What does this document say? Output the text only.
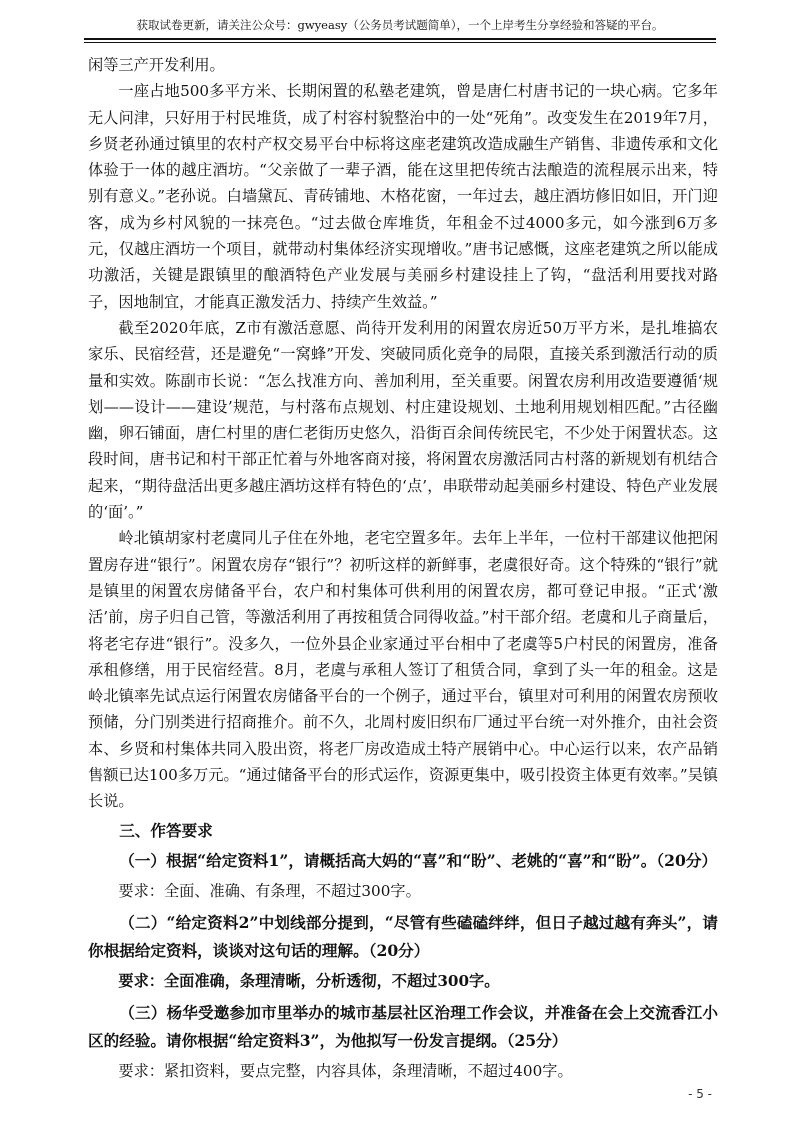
获取试卷更新，请关注公众号：gwyeasy（公务员考试题简单），一个上岸考生分享经验和答疑的平台。

闲等三产开发利用。

一座占地500多平方米、长期闲置的私塾老建筑，曾是唐仁村唐书记的一块心病。它多年无人问津，只好用于村民堆货，成了村容村貌整治中的一处“死角”。改变发生在2019年7月，乡贤老孙通过镇里的农村产权交易平台中标将这座老建筑改造成融生产销售、非遗传承和文化体验于一体的越庄酒坊。“父亲做了一辈子酒，能在这里把传统古法酿造的流程展示出来，特别有意义。”老孙说。白墙黛瓦、青砖铺地、木格花窗，一年过去，越庄酒坊修旧如旧，开门迎客，成为乡村风貌的一抹亮色。“过去做仓库堆货，年租金不过4000多元，如今涨到6万多元，仅越庄酒坊一个项目，就带动村集体经济实现增收。”唐书记感慨，这座老建筑之所以能成功激活，关键是跟镇里的酿酒特色产业发展与美丽乡村建设挂上了钩，“盘活利用要找对路子，因地制宜，才能真正激发活力、持续产生效益。”

截至2020年底，Z市有激活意愿、尚待开发利用的闲置农房近50万平方米，是扎堆搞农家乐、民宿经营，还是避免“一窝蜂”开发、突破同质化竞争的局限，直接关系到激活行动的质量和实效。陈副市长说：“怎么找准方向、善加利用，至关重要。闲置农房利用改造要遵循‘规划——设计——建设’规范，与村落布点规划、村庄建设规划、土地利用规划相匹配。”古径幽幽，卵石铺面，唐仁村里的唐仁老街历史悠久，沿街百余间传统民宅，不少处于闲置状态。这段时间，唐书记和村干部正忙着与外地客商对接，将闲置农房激活同古村落的新规划有机结合起来，“期待盘活出更多越庄酒坊这样有特色的‘点’，串联带动起美丽乡村建设、特色产业发展的‘面’。”

岭北镇胡家村老虞同儿子住在外地，老宅空置多年。去年上半年，一位村干部建议他把闲置房存进“银行”。闲置农房存“银行”？初听这样的新鲜事，老虞很好奇。这个特殊的“银行”就是镇里的闲置农房储备平台，农户和村集体可供利用的闲置农房，都可登记申报。“正式‘激活’前，房子归自己管，等激活利用了再按租赁合同得收益。”村干部介绍。老虞和儿子商量后，将老宅存进“银行”。没多久，一位外县企业家通过平台相中了老虞等5户村民的闲置房，准备承租修缮，用于民宿经营。8月，老虞与承租人签订了租赁合同，拿到了头一年的租金。这是岭北镇率先试点运行闲置农房储备平台的一个例子，通过平台，镇里对可利用的闲置农房预收预储，分门别类进行招商推介。前不久，北周村废旧织布厂通过平台统一对外推介，由社会资本、乡贤和村集体共同入股出资，将老厂房改造成土特产展销中心。中心运行以来，农产品销售额已达100多万元。“通过储备平台的形式运作，资源更集中，吸引投资主体更有效率。”吴镇长说。

三、作答要求

（一）根据“给定资料1”，请概括高大妈的“喜”和“盼”、老姚的“喜”和“盼”。（20分）

要求：全面、准确、有条理，不超过300字。

（二）“给定资料2”中划线部分提到，“尽管有些磕磕绊绊，但日子越过越有奔头”，请你根据给定资料，谈谈对这句话的理解。（20分）

要求：全面准确，条理清晰，分析透彻，不超过300字。

（三）杨华受邀参加市里举办的城市基层社区治理工作会议，并准备在会上交流香江小区的经验。请你根据“给定资料3”，为他拟写一份发言提纲。（25分）

要求：紧扣资料，要点完整，内容具体，条理清晰，不超过400字。

- 5 -
